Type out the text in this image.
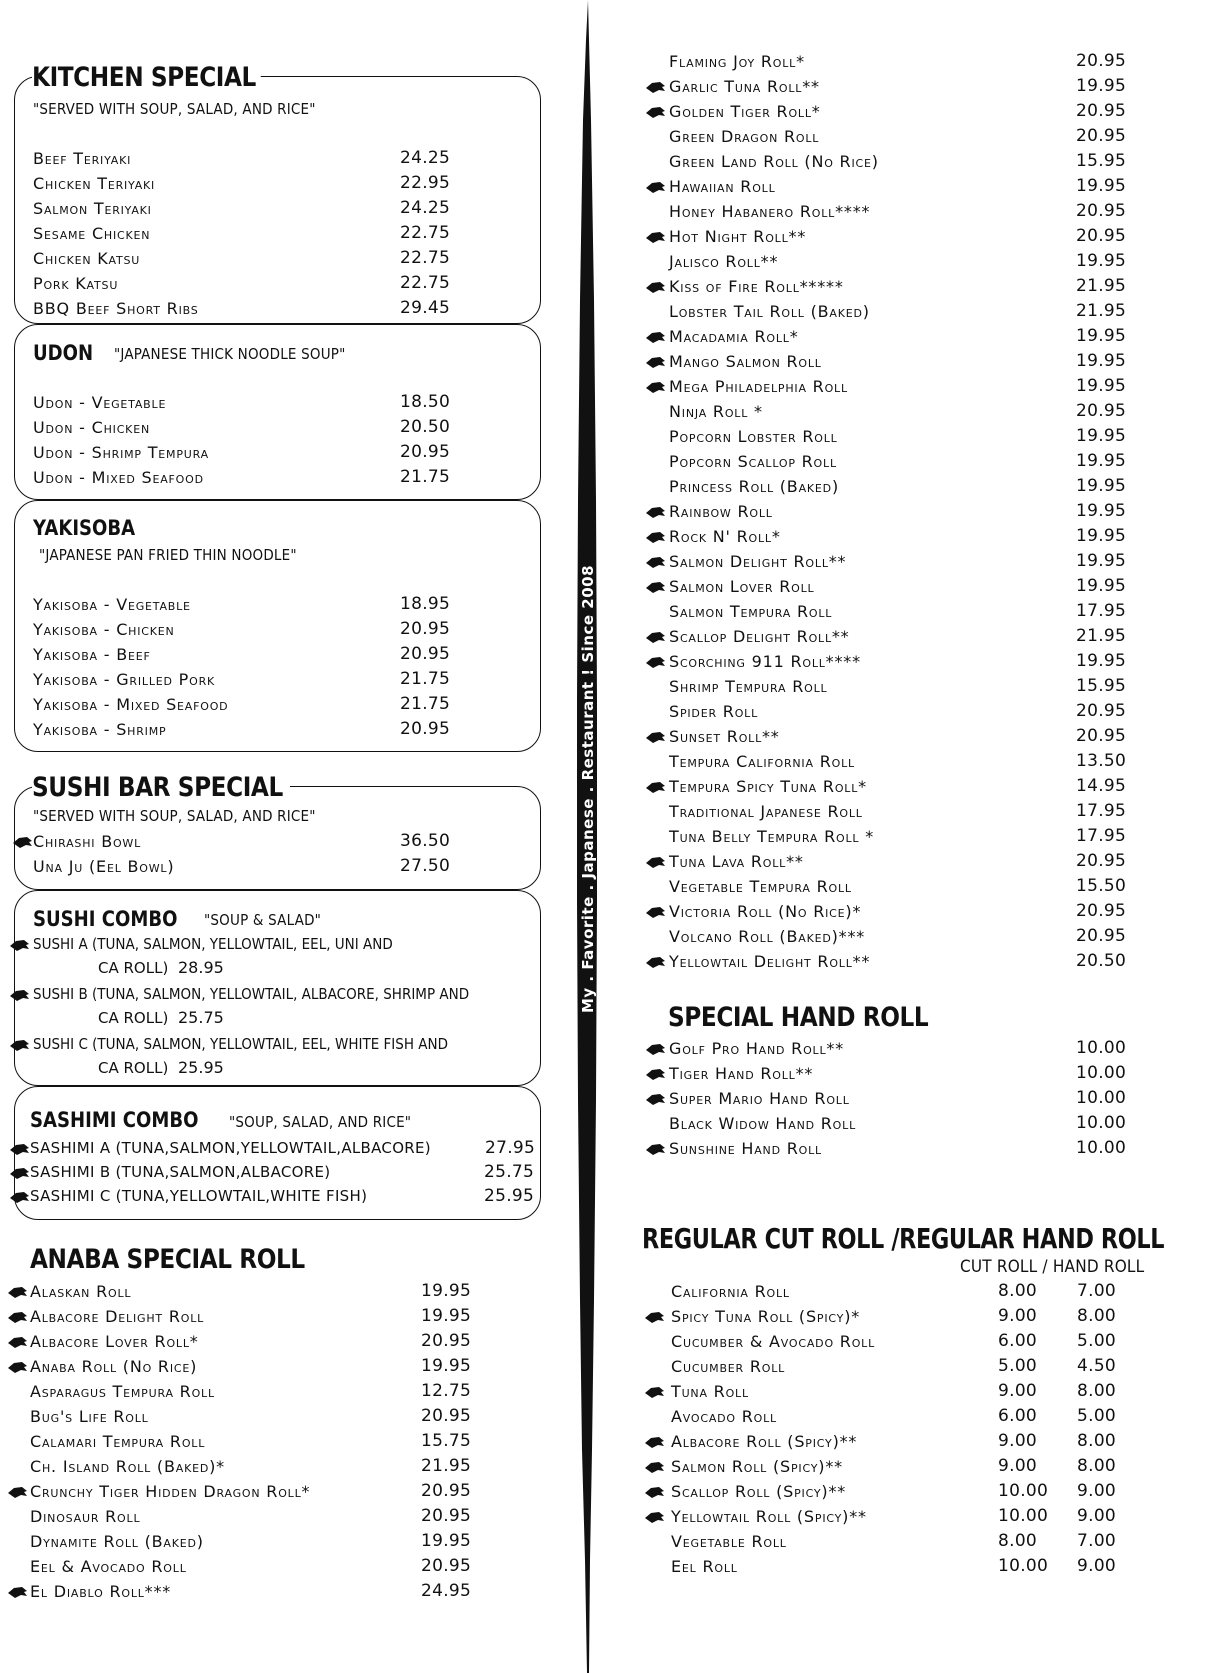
My . Favorite . Japanese . Restaurant ! Since 2008
KITCHEN SPECIAL
"SERVED WITH SOUP, SALAD, AND RICE"
Beef Teriyaki	24.25
Chicken Teriyaki	22.95
Salmon Teriyaki	24.25
Sesame Chicken	22.75
Chicken Katsu	22.75
Pork Katsu	22.75
BBQ Beef Short Ribs	29.45
UDON "JAPANESE THICK NOODLE SOUP"
Udon - Vegetable	18.50
Udon - Chicken	20.50
Udon - Shrimp Tempura	20.95
Udon - Mixed Seafood	21.75
YAKISOBA
"JAPANESE PAN FRIED THIN NOODLE"
Yakisoba - Vegetable	18.95
Yakisoba - Chicken	20.95
Yakisoba - Beef	20.95
Yakisoba - Grilled Pork	21.75
Yakisoba - Mixed Seafood	21.75
Yakisoba - Shrimp	20.95
SUSHI BAR SPECIAL
"SERVED WITH SOUP, SALAD, AND RICE"
Chirashi Bowl	36.50
Una Ju (Eel Bowl)	27.50
SUSHI COMBO "SOUP & SALAD"
SUSHI A (TUNA, SALMON, YELLOWTAIL, EEL, UNI AND
CA ROLL) 28.95
SUSHI B (TUNA, SALMON, YELLOWTAIL, ALBACORE, SHRIMP AND
CA ROLL) 25.75
SUSHI C (TUNA, SALMON, YELLOWTAIL, EEL, WHITE FISH AND
CA ROLL) 25.95
SASHIMI COMBO "SOUP, SALAD, AND RICE"
SASHIMI A (TUNA,SALMON,YELLOWTAIL,ALBACORE)	27.95
SASHIMI B (TUNA,SALMON,ALBACORE)	25.75
SASHIMI C (TUNA,YELLOWTAIL,WHITE FISH)	25.95
ANABA SPECIAL ROLL
Alaskan Roll	19.95
Albacore Delight Roll	19.95
Albacore Lover Roll*	20.95
Anaba Roll (No Rice)	19.95
Asparagus Tempura Roll	12.75
Bug's Life Roll	20.95
Calamari Tempura Roll	15.75
Ch. Island Roll (Baked)*	21.95
Crunchy Tiger Hidden Dragon Roll*	20.95
Dinosaur Roll	20.95
Dynamite Roll (Baked)	19.95
Eel & Avocado Roll	20.95
El Diablo Roll***	24.95
Flaming Joy Roll*	20.95
Garlic Tuna Roll**	19.95
Golden Tiger Roll*	20.95
Green Dragon Roll	20.95
Green Land Roll (No Rice)	15.95
Hawaiian Roll	19.95
Honey Habanero Roll****	20.95
Hot Night Roll**	20.95
Jalisco Roll**	19.95
Kiss of Fire Roll*****	21.95
Lobster Tail Roll (Baked)	21.95
Macadamia Roll*	19.95
Mango Salmon Roll	19.95
Mega Philadelphia Roll	19.95
Ninja Roll *	20.95
Popcorn Lobster Roll	19.95
Popcorn Scallop Roll	19.95
Princess Roll (Baked)	19.95
Rainbow Roll	19.95
Rock N' Roll*	19.95
Salmon Delight Roll**	19.95
Salmon Lover Roll	19.95
Salmon Tempura Roll	17.95
Scallop Delight Roll**	21.95
Scorching 911 Roll****	19.95
Shrimp Tempura Roll	15.95
Spider Roll	20.95
Sunset Roll**	20.95
Tempura California Roll	13.50
Tempura Spicy Tuna Roll*	14.95
Traditional Japanese Roll	17.95
Tuna Belly Tempura Roll *	17.95
Tuna Lava Roll**	20.95
Vegetable Tempura Roll	15.50
Victoria Roll (No Rice)*	20.95
Volcano Roll (Baked)***	20.95
Yellowtail Delight Roll**	20.50
SPECIAL HAND ROLL
Golf Pro Hand Roll**	10.00
Tiger Hand Roll**	10.00
Super Mario Hand Roll	10.00
Black Widow Hand Roll	10.00
Sunshine Hand Roll	10.00
REGULAR CUT ROLL /REGULAR HAND ROLL
CUT ROLL / HAND ROLL
California Roll	8.00 7.00
Spicy Tuna Roll (Spicy)*	9.00 8.00
Cucumber & Avocado Roll	6.00 5.00
Cucumber Roll	5.00 4.50
Tuna Roll	9.00 8.00
Avocado Roll	6.00 5.00
Albacore Roll (Spicy)**	9.00 8.00
Salmon Roll (Spicy)**	9.00 8.00
Scallop Roll (Spicy)**	10.00 9.00
Yellowtail Roll (Spicy)**	10.00 9.00
Vegetable Roll	8.00 7.00
Eel Roll	10.00 9.00
